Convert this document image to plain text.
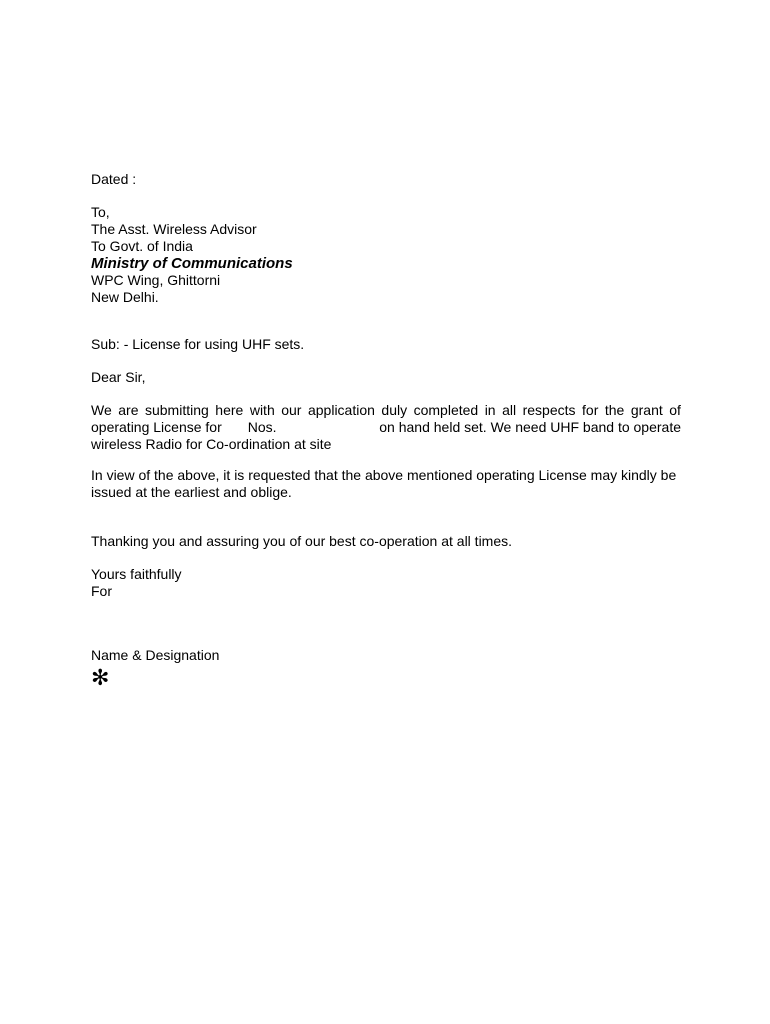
Dated :
To,
The Asst. Wireless Advisor
To Govt. of India
Ministry of Communications
WPC Wing, Ghittorni
New Delhi.
Sub: - License for using UHF sets.
Dear Sir,
We are submitting here with our application duly completed in all respects for the grant of
operating License for Nos.	on hand held set. We need UHF band to operate
wireless Radio for Co-ordination at site
In view of the above, it is requested that the above mentioned operating License may kindly be
issued at the earliest and oblige.
Thanking you and assuring you of our best co-operation at all times.
Yours faithfully
For
Name & Designation
✻
